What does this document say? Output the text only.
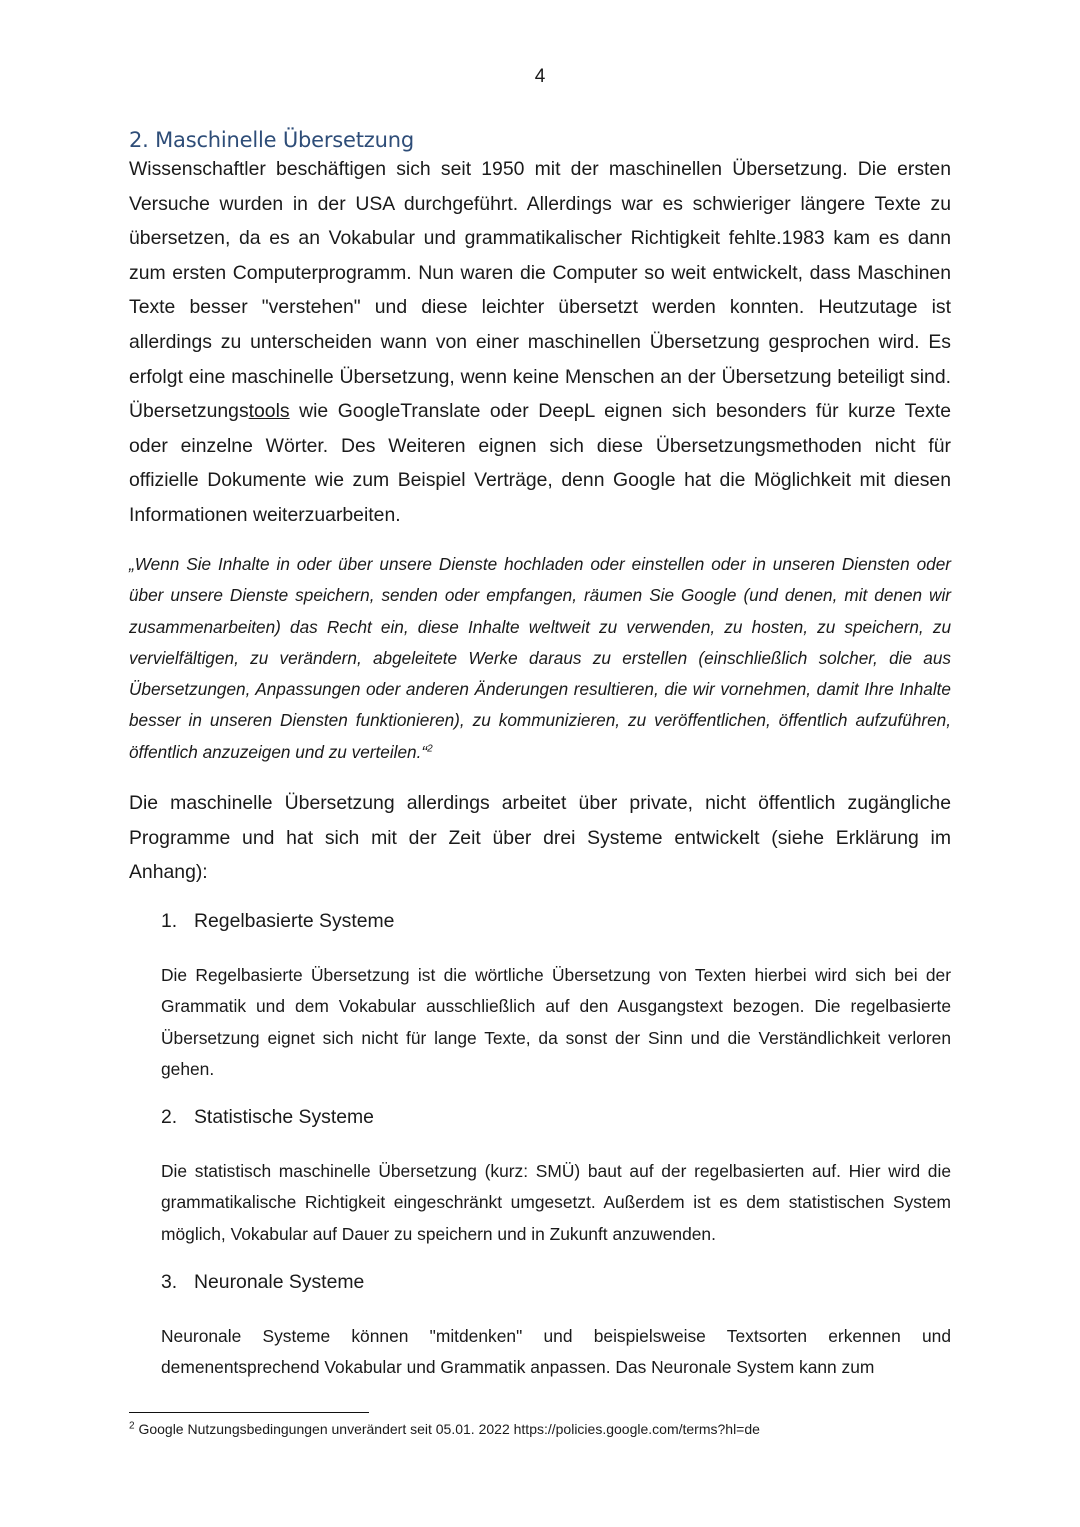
4
2. Maschinelle Übersetzung

Wissenschaftler beschäftigen sich seit 1950 mit der maschinellen Übersetzung. Die ersten Versuche wurden in der USA durchgeführt. Allerdings war es schwieriger längere Texte zu übersetzen, da es an Vokabular und grammatikalischer Richtigkeit fehlte.1983 kam es dann zum ersten Computerprogramm. Nun waren die Computer so weit entwickelt, dass Maschinen Texte besser "verstehen" und diese leichter übersetzt werden konnten. Heutzutage ist allerdings zu unterscheiden wann von einer maschinellen Übersetzung gesprochen wird. Es erfolgt eine maschinelle Übersetzung, wenn keine Menschen an der Übersetzung beteiligt sind. Übersetzungstools wie GoogleTranslate oder DeepL eignen sich besonders für kurze Texte oder einzelne Wörter. Des Weiteren eignen sich diese Übersetzungsmethoden nicht für offizielle Dokumente wie zum Beispiel Verträge, denn Google hat die Möglichkeit mit diesen Informationen weiterzuarbeiten.

„Wenn Sie Inhalte in oder über unsere Dienste hochladen oder einstellen oder in unseren Diensten oder über unsere Dienste speichern, senden oder empfangen, räumen Sie Google (und denen, mit denen wir zusammenarbeiten) das Recht ein, diese Inhalte weltweit zu verwenden, zu hosten, zu speichern, zu vervielfältigen, zu verändern, abgeleitete Werke daraus zu erstellen (einschließlich solcher, die aus Übersetzungen, Anpassungen oder anderen Änderungen resultieren, die wir vornehmen, damit Ihre Inhalte besser in unseren Diensten funktionieren), zu kommunizieren, zu veröffentlichen, öffentlich aufzuführen, öffentlich anzuzeigen und zu verteilen.“$^2$

Die maschinelle Übersetzung allerdings arbeitet über private, nicht öffentlich zugängliche Programme und hat sich mit der Zeit über drei Systeme entwickelt (siehe Erklärung im Anhang):

1. Regelbasierte Systeme

Die Regelbasierte Übersetzung ist die wörtliche Übersetzung von Texten hierbei wird sich bei der Grammatik und dem Vokabular ausschließlich auf den Ausgangstext bezogen. Die regelbasierte Übersetzung eignet sich nicht für lange Texte, da sonst der Sinn und die Verständlichkeit verloren gehen.

2. Statistische Systeme

Die statistisch maschinelle Übersetzung (kurz: SMÜ) baut auf der regelbasierten auf. Hier wird die grammatikalische Richtigkeit eingeschränkt umgesetzt. Außerdem ist es dem statistischen System möglich, Vokabular auf Dauer zu speichern und in Zukunft anzuwenden.

3. Neuronale Systeme

Neuronale Systeme können "mitdenken" und beispielsweise Textsorten erkennen und demenentsprechend Vokabular und Grammatik anpassen. Das Neuronale System kann zum

$^2$ Google Nutzungsbedingungen unverändert seit 05.01. 2022 https://policies.google.com/terms?hl=de
